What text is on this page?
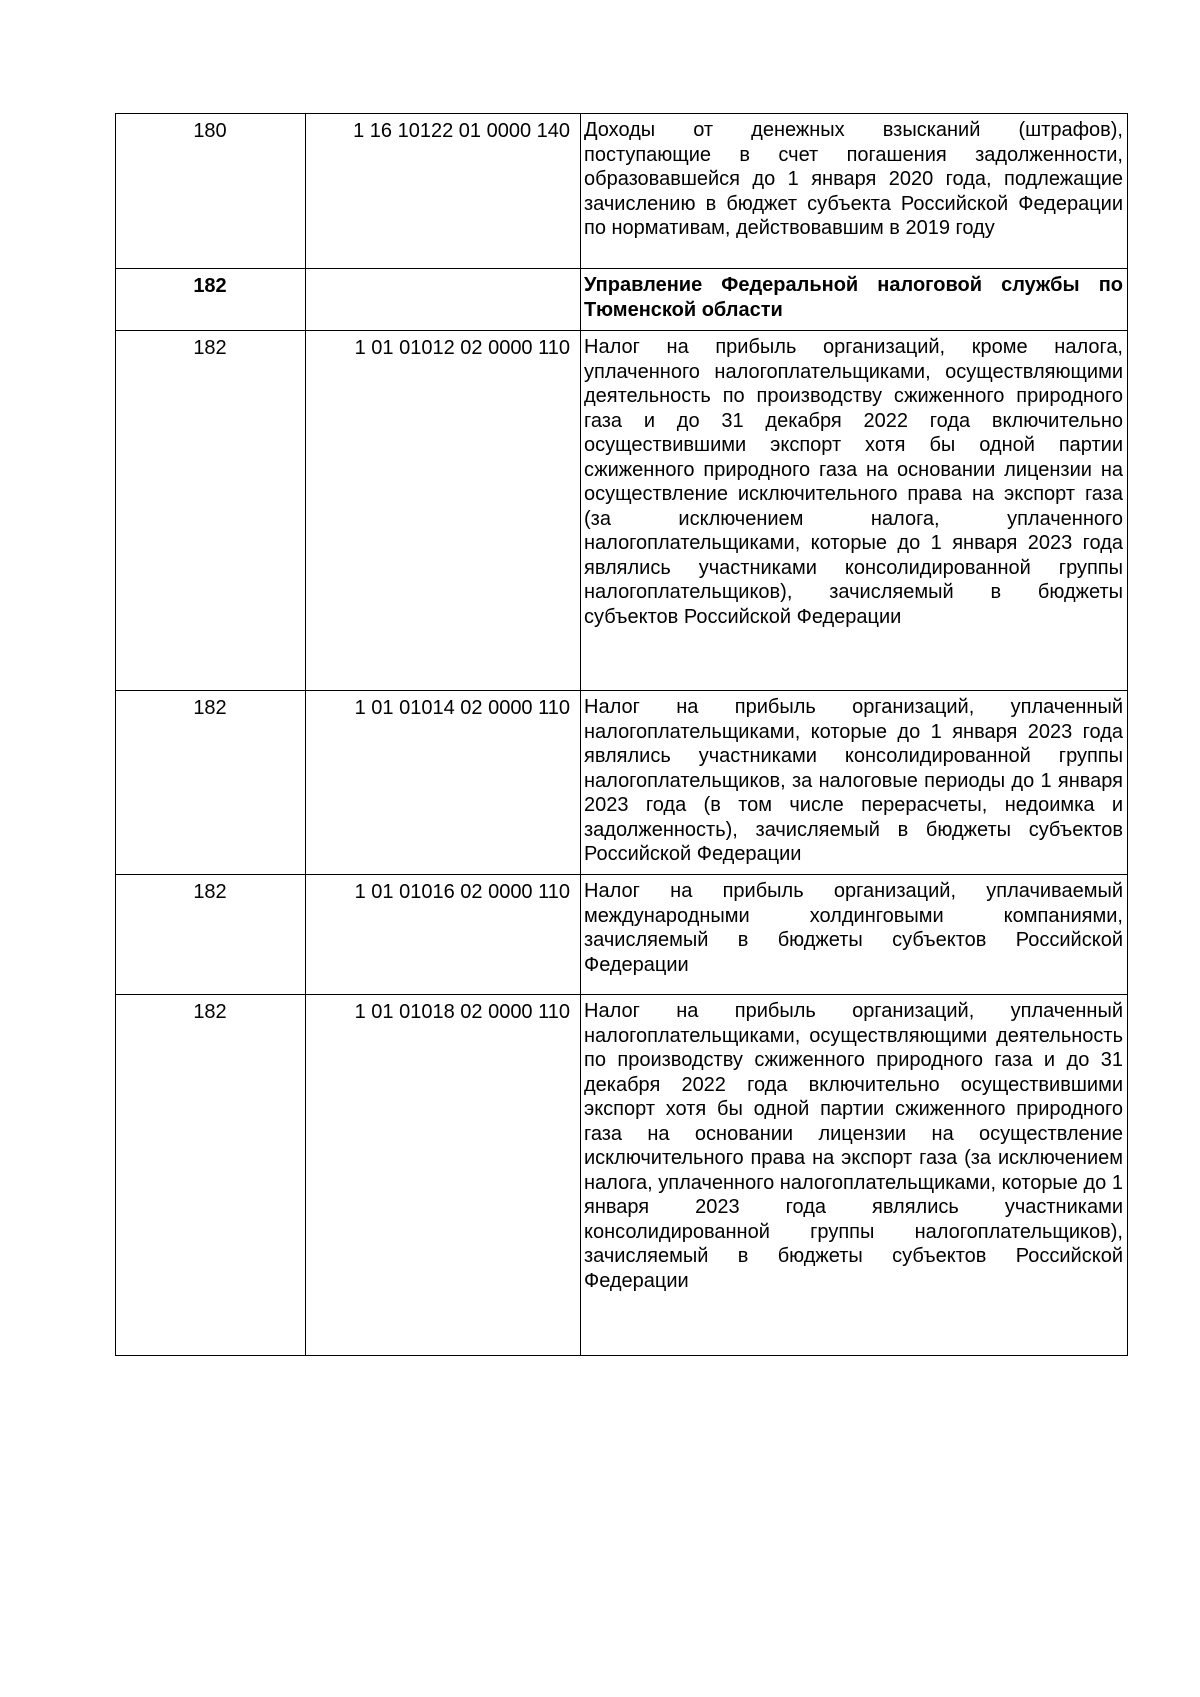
180	1 16 10122 01 0000 140	Доходы от денежных взысканий (штрафов), поступающие в счет погашения задолженности, образовавшейся до 1 января 2020 года, подлежащие зачислению в бюджет субъекта Российской Федерации по нормативам, действовавшим в 2019 году
182		Управление Федеральной налоговой службы по Тюменской области
182	1 01 01012 02 0000 110	Налог на прибыль организаций, кроме налога, уплаченного налогоплательщиками, осуществляющими деятельность по производству сжиженного природного газа и до 31 декабря 2022 года включительно осуществившими экспорт хотя бы одной партии сжиженного природного газа на основании лицензии на осуществление исключительного права на экспорт газа (за исключением налога, уплаченного налогоплательщиками, которые до 1 января 2023 года являлись участниками консолидированной группы налогоплательщиков), зачисляемый в бюджеты субъектов Российской Федерации
182	1 01 01014 02 0000 110	Налог на прибыль организаций, уплаченный налогоплательщиками, которые до 1 января 2023 года являлись участниками консолидированной группы налогоплательщиков, за налоговые периоды до 1 января 2023 года (в том числе перерасчеты, недоимка и задолженность), зачисляемый в бюджеты субъектов Российской Федерации
182	1 01 01016 02 0000 110	Налог на прибыль организаций, уплачиваемый международными холдинговыми компаниями, зачисляемый в бюджеты субъектов Российской Федерации
182	1 01 01018 02 0000 110	Налог на прибыль организаций, уплаченный налогоплательщиками, осуществляющими деятельность по производству сжиженного природного газа и до 31 декабря 2022 года включительно осуществившими экспорт хотя бы одной партии сжиженного природного газа на основании лицензии на осуществление исключительного права на экспорт газа (за исключением налога, уплаченного налогоплательщиками, которые до 1 января 2023 года являлись участниками консолидированной группы налогоплательщиков), зачисляемый в бюджеты субъектов Российской Федерации
